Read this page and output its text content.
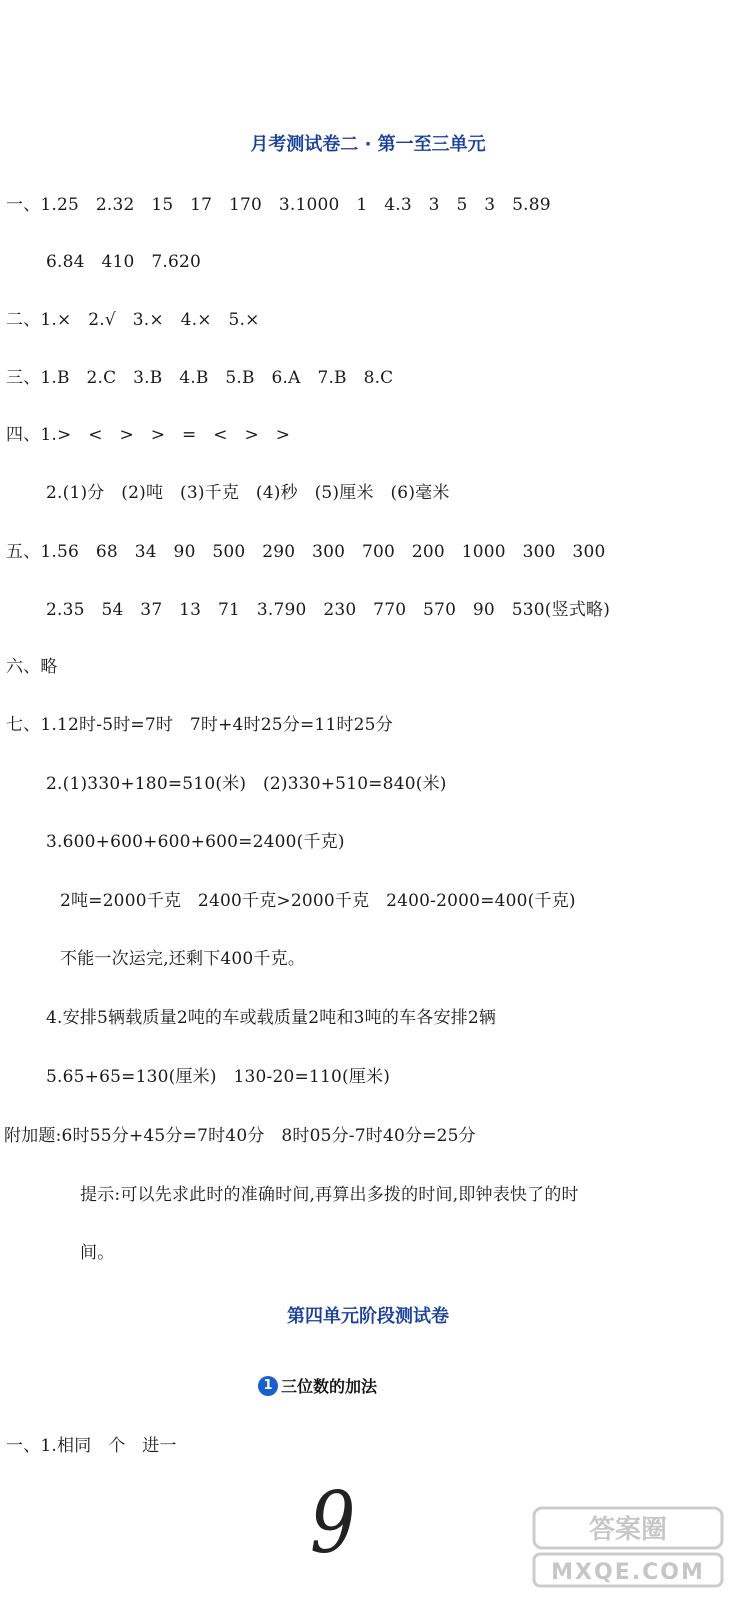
月考测试卷二 · 第一至三单元
一、1.25   2.32   15   17   170   3.1000   1   4.3   3   5   3   5.89
6.84   410   7.620
二、1.×   2.√   3.×   4.×   5.×
三、1.B   2.C   3.B   4.B   5.B   6.A   7.B   8.C
四、1.>   <   >   >   =   <   >   >
2.(1)分   (2)吨   (3)千克   (4)秒   (5)厘米   (6)毫米
五、1.56   68   34   90   500   290   300   700   200   1000   300   300
2.35   54   37   13   71   3.790   230   770   570   90   530(竖式略)
六、略
七、1.12时-5时=7时   7时+4时25分=11时25分
2.(1)330+180=510(米)   (2)330+510=840(米)
3.600+600+600+600=2400(千克)
2吨=2000千克   2400千克>2000千克   2400-2000=400(千克)
不能一次运完,还剩下400千克。
4.安排5辆载质量2吨的车或载质量2吨和3吨的车各安排2辆
5.65+65=130(厘米)   130-20=110(厘米)
附加题:6时55分+45分=7时40分   8时05分-7时40分=25分
提示:可以先求此时的准确时间,再算出多拨的时间,即钟表快了的时
间。
第四单元阶段测试卷
1 三位数的加法
一、1.相同   个   进一
9	答案圈
MXQE.COM
